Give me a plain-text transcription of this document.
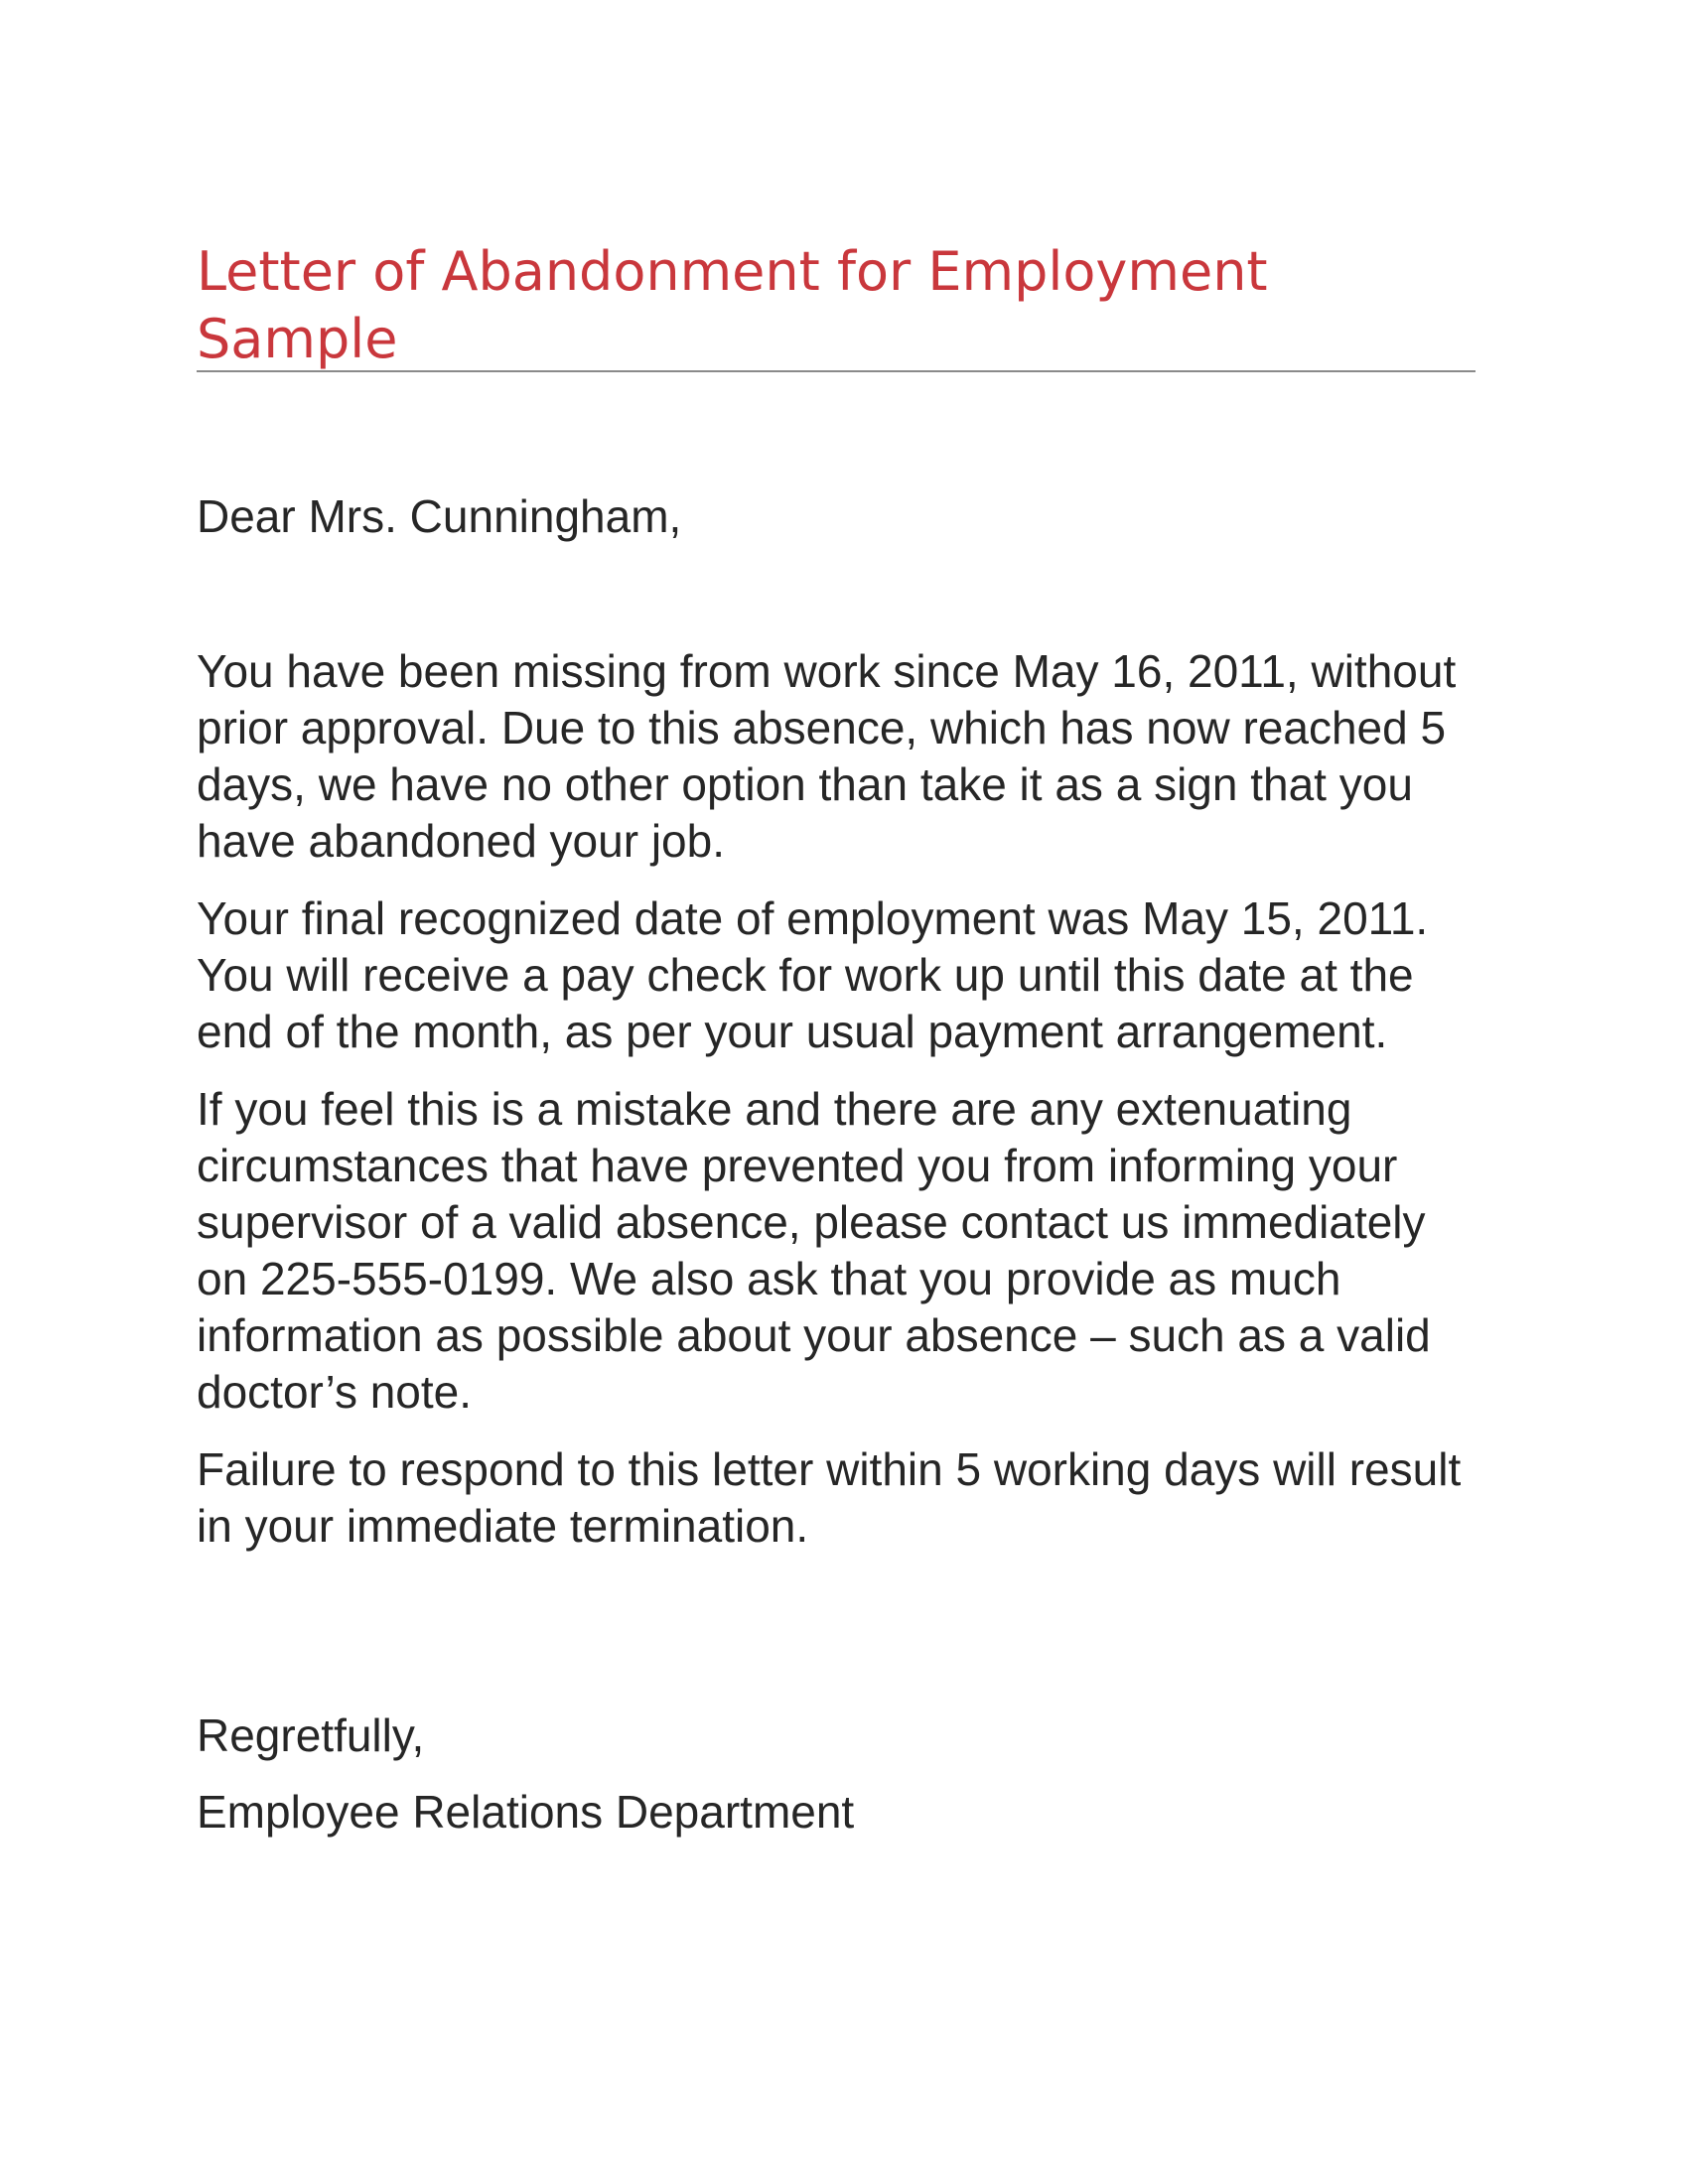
Letter of Abandonment for Employment Sample

Dear Mrs. Cunningham,

You have been missing from work since May 16, 2011, without prior approval. Due to this absence, which has now reached 5 days, we have no other option than take it as a sign that you have abandoned your job.

Your final recognized date of employment was May 15, 2011. You will receive a pay check for work up until this date at the end of the month, as per your usual payment arrangement.

If you feel this is a mistake and there are any extenuating circumstances that have prevented you from informing your supervisor of a valid absence, please contact us immediately on 225-555-0199. We also ask that you provide as much information as possible about your absence – such as a valid doctor’s note.

Failure to respond to this letter within 5 working days will result in your immediate termination.

Regretfully,

Employee Relations Department
